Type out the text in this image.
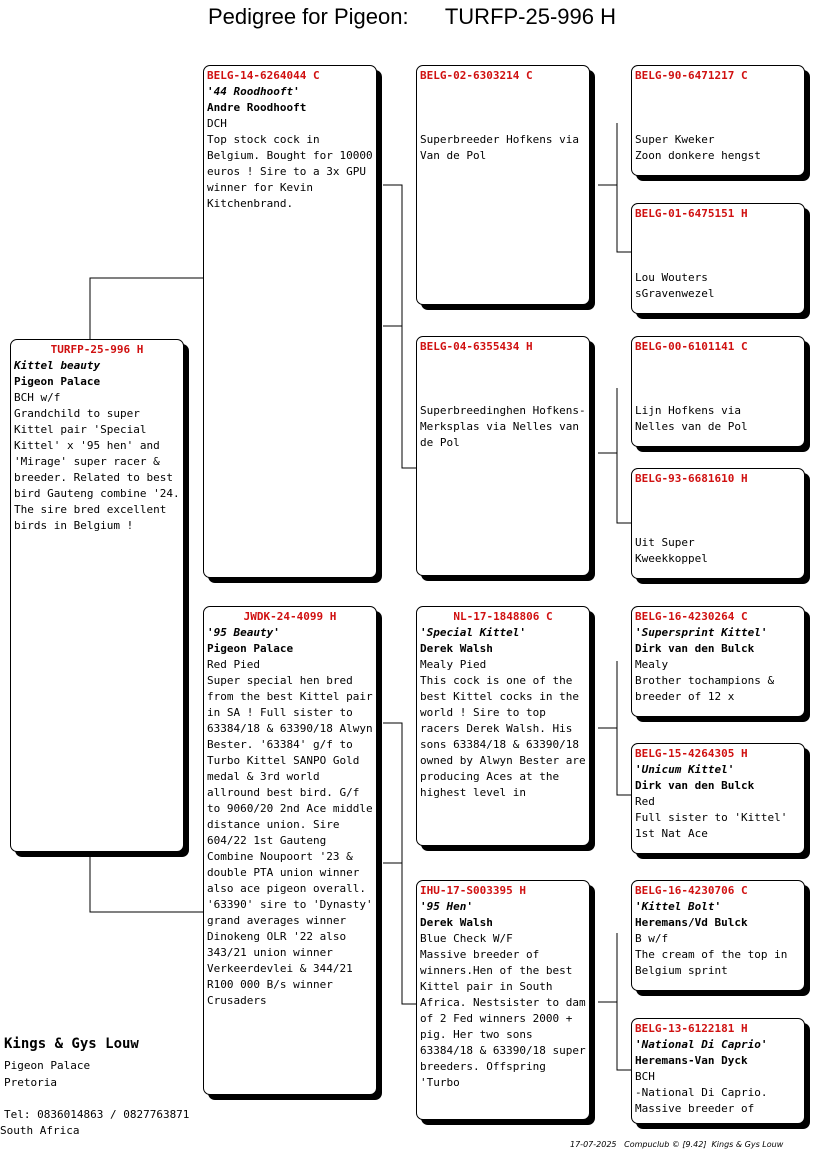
Pedigree for Pigeon: TURFP-25-996 H
TURFP-25-996 H
Kittel beauty
Pigeon Palace
BCH w/f
Grandchild to super Kittel pair 'Special Kittel' x '95 hen' and 'Mirage' super racer & breeder. Related to best bird Gauteng combine '24. The sire bred excellent birds in Belgium !
BELG-14-6264044 C
'44 Roodhooft'
Andre Roodhooft
DCH
Top stock cock in Belgium. Bought for 10000 euros ! Sire to a 3x GPU winner for Kevin Kitchenbrand.
JWDK-24-4099 H
'95 Beauty'
Pigeon Palace
Red Pied
Super special hen bred from the best Kittel pair in SA ! Full sister to 63384/18 & 63390/18 Alwyn Bester. '63384' g/f to Turbo Kittel SANPO Gold medal & 3rd world allround best bird. G/f to 9060/20 2nd Ace middle distance union. Sire 604/22 1st Gauteng Combine Noupoort '23 & double PTA union winner also ace pigeon overall. '63390' sire to 'Dynasty' grand averages winner Dinokeng OLR '22 also 343/21 union winner Verkeerdevlei & 344/21 R100 000 B/s winner Crusaders
BELG-02-6303214 C
Superbreeder Hofkens via Van de Pol
BELG-04-6355434 H
Superbreedinghen Hofkens-Merksplas via Nelles van de Pol
NL-17-1848806 C
'Special Kittel'
Derek Walsh
Mealy Pied
This cock is one of the best Kittel cocks in the world ! Sire to top racers Derek Walsh. His sons 63384/18 & 63390/18 owned by Alwyn Bester are producing Aces at the highest level in
IHU-17-S003395 H
'95 Hen'
Derek Walsh
Blue Check W/F
Massive breeder of winners.Hen of the best Kittel pair in South Africa. Nestsister to dam of 2 Fed winners 2000 + pig. Her two sons 63384/18 & 63390/18 super breeders. Offspring 'Turbo
BELG-90-6471217 C
Super Kweker
Zoon donkere hengst
BELG-01-6475151 H
Lou Wouters
sGravenwezel
BELG-00-6101141 C
Lijn Hofkens via
Nelles van de Pol
BELG-93-6681610 H
Uit Super
Kweekkoppel
BELG-16-4230264 C
'Supersprint Kittel'
Dirk van den Bulck
Mealy
Brother tochampions & breeder of 12 x
BELG-15-4264305 H
'Unicum Kittel'
Dirk van den Bulck
Red
Full sister to 'Kittel' 1st Nat Ace
BELG-16-4230706 C
'Kittel Bolt'
Heremans/Vd Bulck
B w/f
The cream of the top in Belgium sprint
BELG-13-6122181 H
'National Di Caprio'
Heremans-Van Dyck
BCH
-National Di Caprio. Massive breeder of
Kings & Gys Louw
Pigeon Palace
Pretoria
Tel: 0836014863 / 0827763871
South Africa
17-07-2025   Compuclub © [9.42]  Kings & Gys Louw
